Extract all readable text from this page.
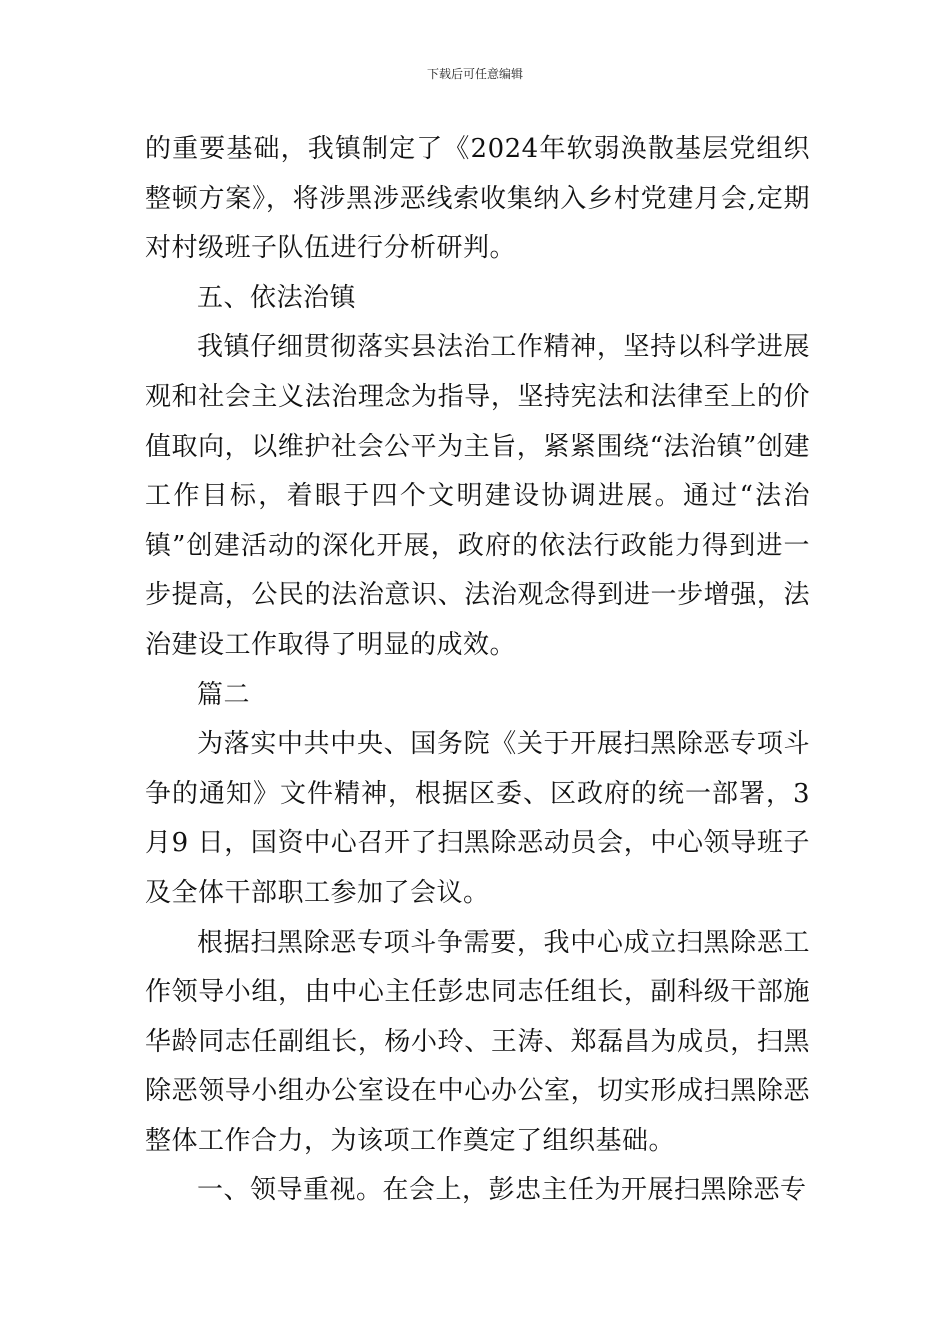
下载后可任意编辑

的重要基础，我镇制定了《2024年软弱涣散基层党组织整顿方案》，将涉黑涉恶线索收集纳入乡村党建月会,定期对村级班子队伍进行分析研判。

五、依法治镇

我镇仔细贯彻落实县法治工作精神，坚持以科学进展观和社会主义法治理念为指导，坚持宪法和法律至上的价值取向，以维护社会公平为主旨，紧紧围绕“法治镇”创建工作目标，着眼于四个文明建设协调进展。通过“法治镇”创建活动的深化开展，政府的依法行政能力得到进一步提高，公民的法治意识、法治观念得到进一步增强，法治建设工作取得了明显的成效。

篇二

为落实中共中央、国务院《关于开展扫黑除恶专项斗争的通知》文件精神，根据区委、区政府的统一部署，3月9 日，国资中心召开了扫黑除恶动员会，中心领导班子及全体干部职工参加了会议。

根据扫黑除恶专项斗争需要，我中心成立扫黑除恶工作领导小组，由中心主任彭忠同志任组长，副科级干部施华龄同志任副组长，杨小玲、王涛、郑磊昌为成员，扫黑除恶领导小组办公室设在中心办公室，切实形成扫黑除恶整体工作合力，为该项工作奠定了组织基础。

一、领导重视。在会上，彭忠主任为开展扫黑除恶专
